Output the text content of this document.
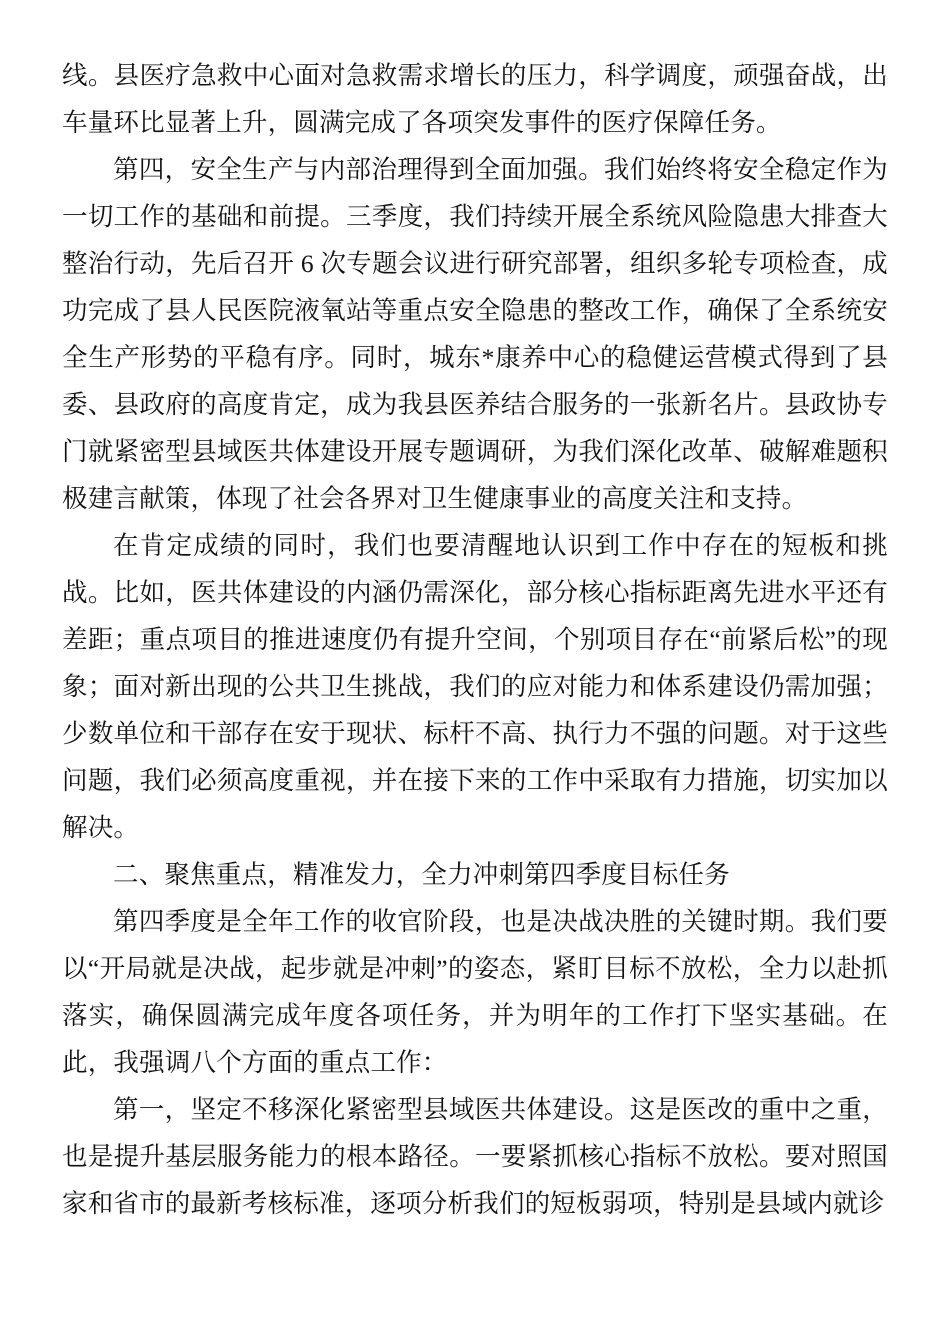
线。县医疗急救中心面对急救需求增长的压力，科学调度，顽强奋战，出车量环比显著上升，圆满完成了各项突发事件的医疗保障任务。

第四，安全生产与内部治理得到全面加强。我们始终将安全稳定作为一切工作的基础和前提。三季度，我们持续开展全系统风险隐患大排查大整治行动，先后召开 6 次专题会议进行研究部署，组织多轮专项检查，成功完成了县人民医院液氧站等重点安全隐患的整改工作，确保了全系统安全生产形势的平稳有序。同时，城东*康养中心的稳健运营模式得到了县委、县政府的高度肯定，成为我县医养结合服务的一张新名片。县政协专门就紧密型县域医共体建设开展专题调研，为我们深化改革、破解难题积极建言献策，体现了社会各界对卫生健康事业的高度关注和支持。

在肯定成绩的同时，我们也要清醒地认识到工作中存在的短板和挑战。比如，医共体建设的内涵仍需深化，部分核心指标距离先进水平还有差距；重点项目的推进速度仍有提升空间，个别项目存在“前紧后松”的现象；面对新出现的公共卫生挑战，我们的应对能力和体系建设仍需加强；少数单位和干部存在安于现状、标杆不高、执行力不强的问题。对于这些问题，我们必须高度重视，并在接下来的工作中采取有力措施，切实加以解决。

二、聚焦重点，精准发力，全力冲刺第四季度目标任务

第四季度是全年工作的收官阶段，也是决战决胜的关键时期。我们要以“开局就是决战，起步就是冲刺”的姿态，紧盯目标不放松，全力以赴抓落实，确保圆满完成年度各项任务，并为明年的工作打下坚实基础。在此，我强调八个方面的重点工作：

第一，坚定不移深化紧密型县域医共体建设。这是医改的重中之重，也是提升基层服务能力的根本路径。一要紧抓核心指标不放松。要对照国家和省市的最新考核标准，逐项分析我们的短板弱项，特别是县域内就诊
